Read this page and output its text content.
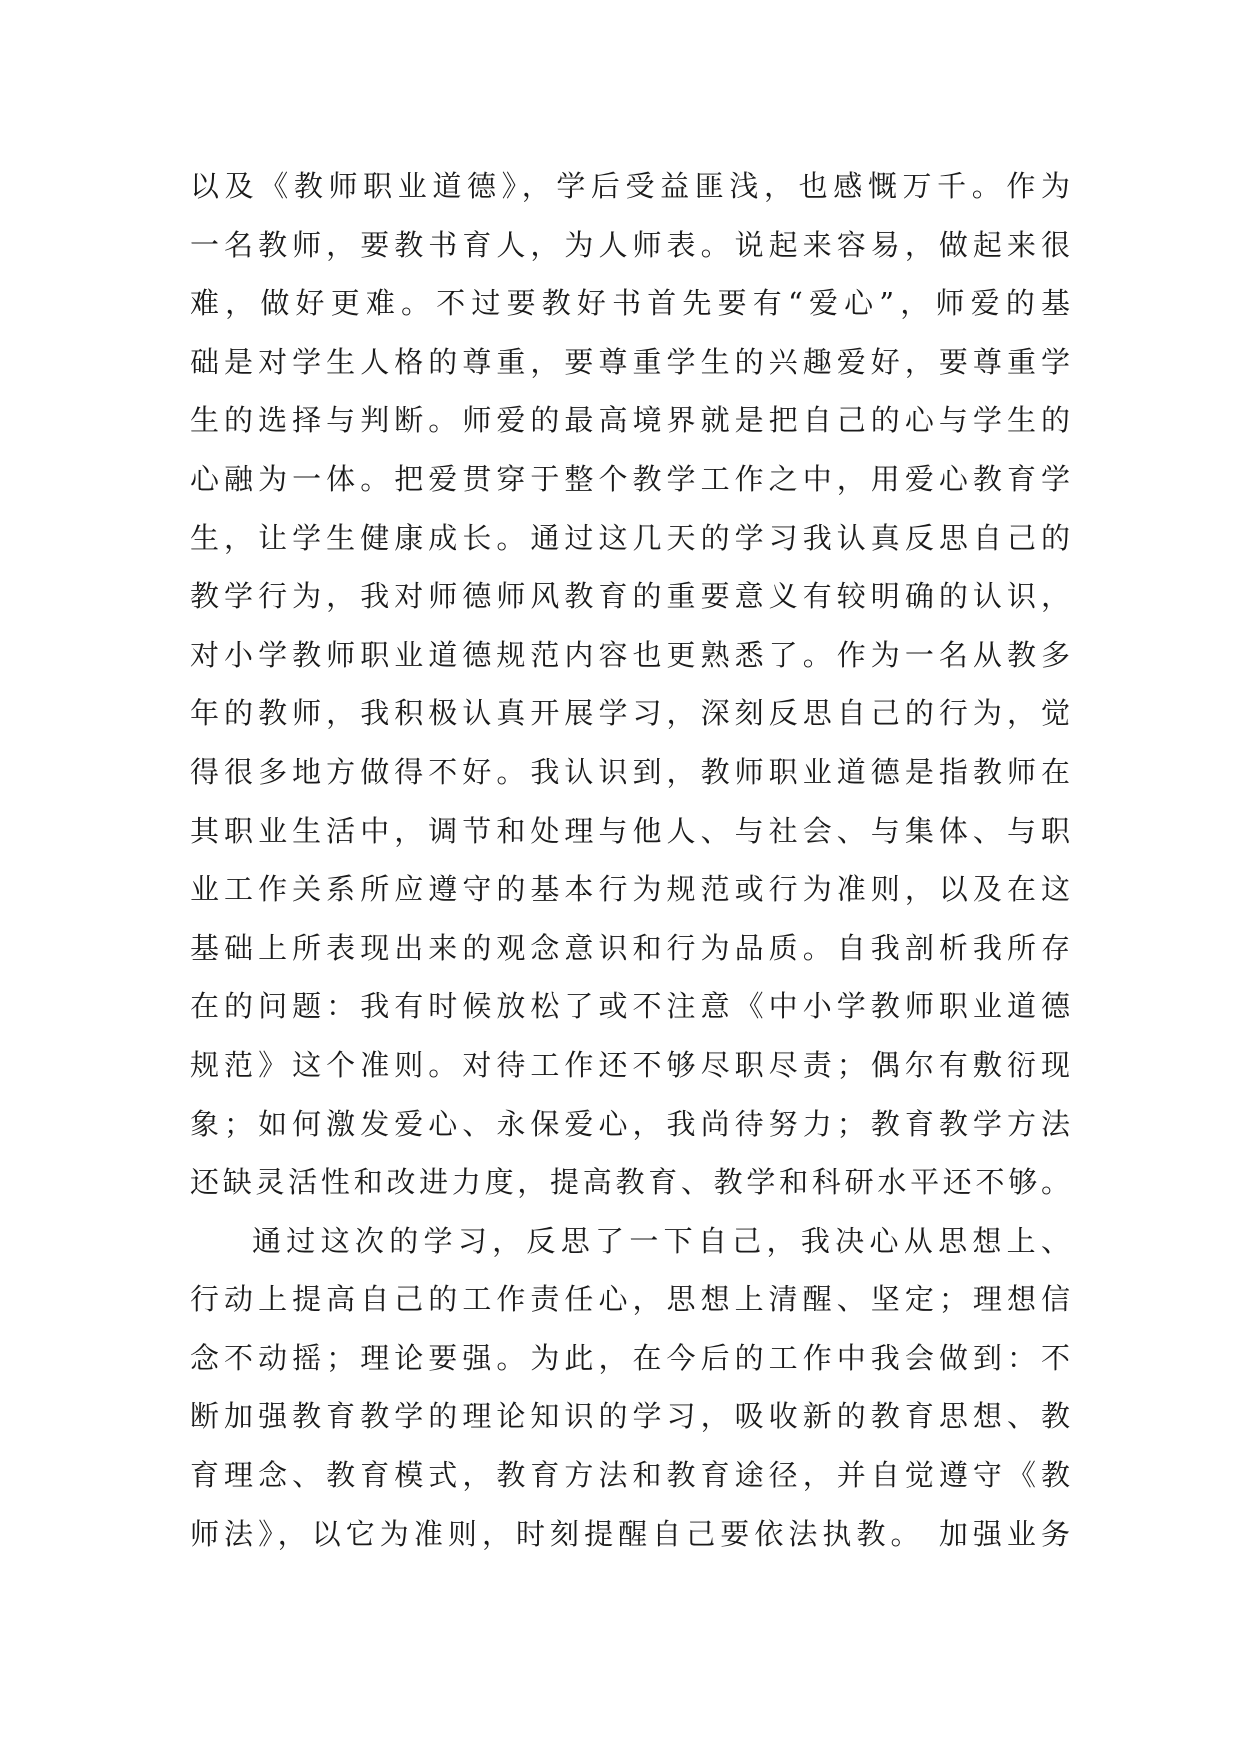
以及《教师职业道德》，学后受益匪浅，也感慨万千。作为
一名教师，要教书育人，为人师表。说起来容易，做起来很
难，做好更难。不过要教好书首先要有“爱心”，师爱的基
础是对学生人格的尊重，要尊重学生的兴趣爱好，要尊重学
生的选择与判断。师爱的最高境界就是把自己的心与学生的
心融为一体。把爱贯穿于整个教学工作之中，用爱心教育学
生，让学生健康成长。通过这几天的学习我认真反思自己的
教学行为，我对师德师风教育的重要意义有较明确的认识，
对小学教师职业道德规范内容也更熟悉了。作为一名从教多
年的教师，我积极认真开展学习，深刻反思自己的行为，觉
得很多地方做得不好。我认识到，教师职业道德是指教师在
其职业生活中，调节和处理与他人、与社会、与集体、与职
业工作关系所应遵守的基本行为规范或行为准则，以及在这
基础上所表现出来的观念意识和行为品质。自我剖析我所存
在的问题：我有时候放松了或不注意《中小学教师职业道德
规范》这个准则。对待工作还不够尽职尽责；偶尔有敷衍现
象；如何激发爱心、永保爱心，我尚待努力；教育教学方法
还缺灵活性和改进力度，提高教育、教学和科研水平还不够。
通过这次的学习，反思了一下自己，我决心从思想上、
行动上提高自己的工作责任心，思想上清醒、坚定；理想信
念不动摇；理论要强。为此，在今后的工作中我会做到：不
断加强教育教学的理论知识的学习，吸收新的教育思想、教
育理念、教育模式，教育方法和教育途径，并自觉遵守《教
师法》，以它为准则，时刻提醒自己要依法执教。 加强业务
